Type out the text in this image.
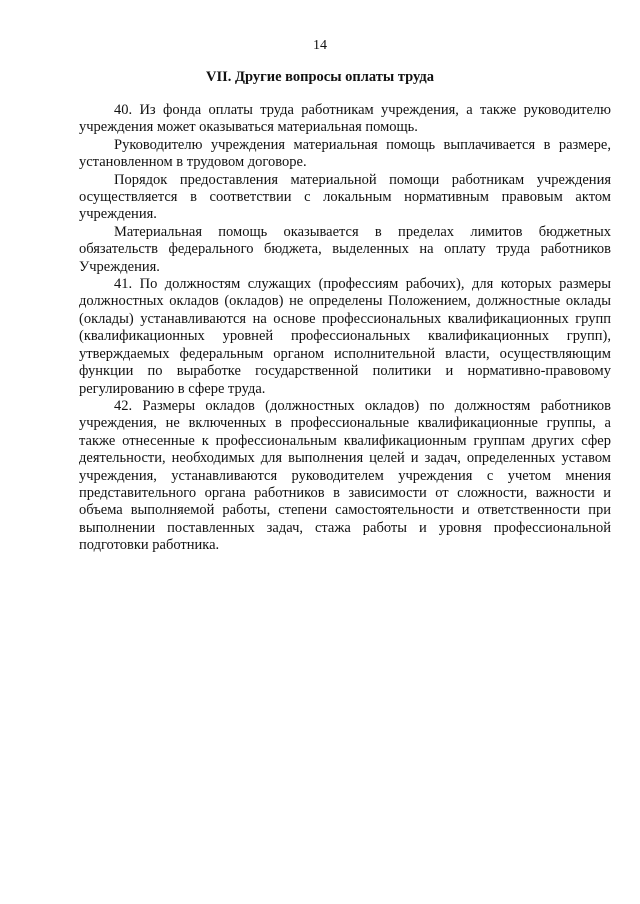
14
VII. Другие вопросы оплаты труда

40. Из фонда оплаты труда работникам учреждения, а также руководителю учреждения может оказываться материальная помощь.

Руководителю учреждения материальная помощь выплачивается в размере, установленном в трудовом договоре.

Порядок предоставления материальной помощи работникам учреждения осуществляется в соответствии с локальным нормативным правовым актом учреждения.

Материальная помощь оказывается в пределах лимитов бюджетных обязательств федерального бюджета, выделенных на оплату труда работников Учреждения.

41. По должностям служащих (профессиям рабочих), для которых размеры должностных окладов (окладов) не определены Положением, должностные оклады (оклады) устанавливаются на основе профессиональных квалификационных групп (квалификационных уровней профессиональных квалификационных групп), утверждаемых федеральным органом исполнительной власти, осуществляющим функции по выработке государственной политики и нормативно-правовому регулированию в сфере труда.

42. Размеры окладов (должностных окладов) по должностям работников учреждения, не включенных в профессиональные квалификационные группы, а также отнесенные к профессиональным квалификационным группам других сфер деятельности, необходимых для выполнения целей и задач, определенных уставом учреждения, устанавливаются руководителем учреждения с учетом мнения представительного органа работников в зависимости от сложности, важности и объема выполняемой работы, степени самостоятельности и ответственности при выполнении поставленных задач, стажа работы и уровня профессиональной подготовки работника.
